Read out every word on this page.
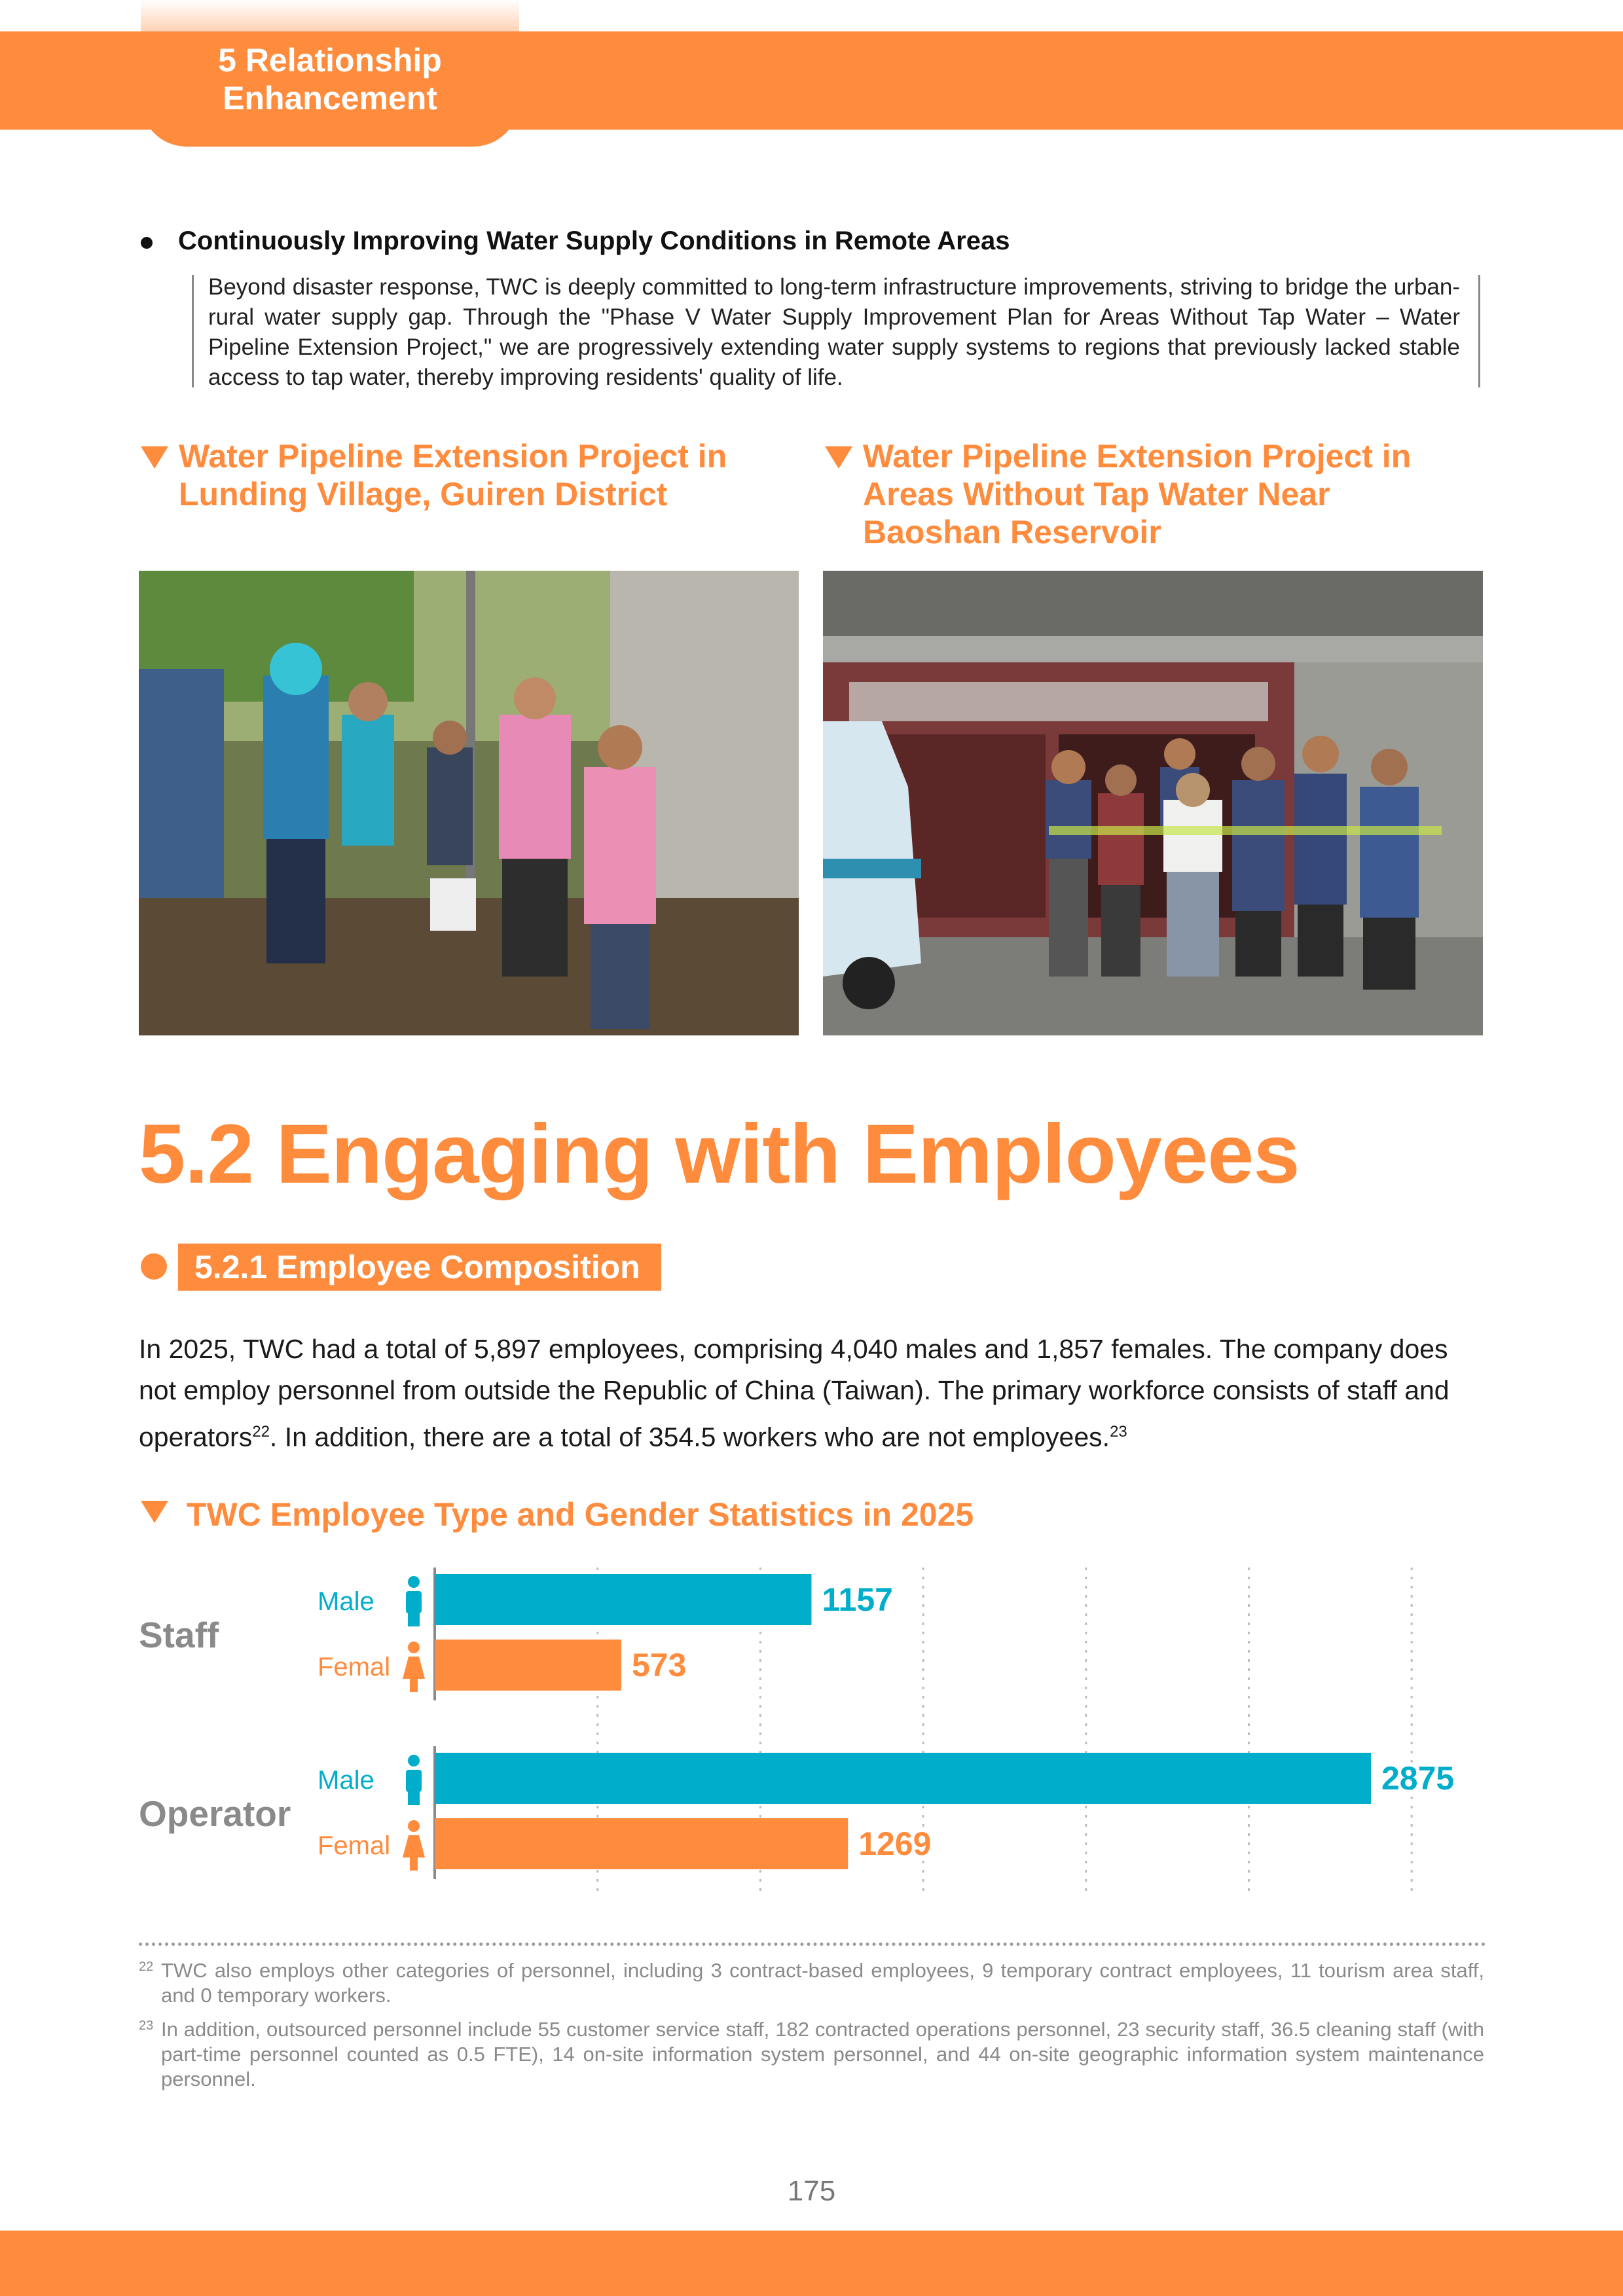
5 Relationship
Enhancement
Continuously Improving Water Supply Conditions in Remote Areas
Beyond disaster response, TWC is deeply committed to long-term infrastructure improvements, striving to bridge the urban-rural water supply gap. Through the "Phase V Water Supply Improvement Plan for Areas Without Tap Water – Water Pipeline Extension Project," we are progressively extending water supply systems to regions that previously lacked stable access to tap water, thereby improving residents' quality of life.
Water Pipeline Extension Project in Lunding Village, Guiren District
Water Pipeline Extension Project in Areas Without Tap Water Near Baoshan Reservoir
5.2 Engaging with Employees
5.2.1 Employee Composition
In 2025, TWC had a total of 5,897 employees, comprising 4,040 males and 1,857 females. The company does not employ personnel from outside the Republic of China (Taiwan). The primary workforce consists of staff and operators$^{22}$. In addition, there are a total of 354.5 workers who are not employees.$^{23}$
TWC Employee Type and Gender Statistics in 2025
Staff
Male	1157
Femal	573
Operator
Male	2875
Femal	1269
22 TWC also employs other categories of personnel, including 3 contract-based employees, 9 temporary contract employees, 11 tourism area staff, and 0 temporary workers.
23 In addition, outsourced personnel include 55 customer service staff, 182 contracted operations personnel, 23 security staff, 36.5 cleaning staff (with part-time personnel counted as 0.5 FTE), 14 on-site information system personnel, and 44 on-site geographic information system maintenance personnel.
175
